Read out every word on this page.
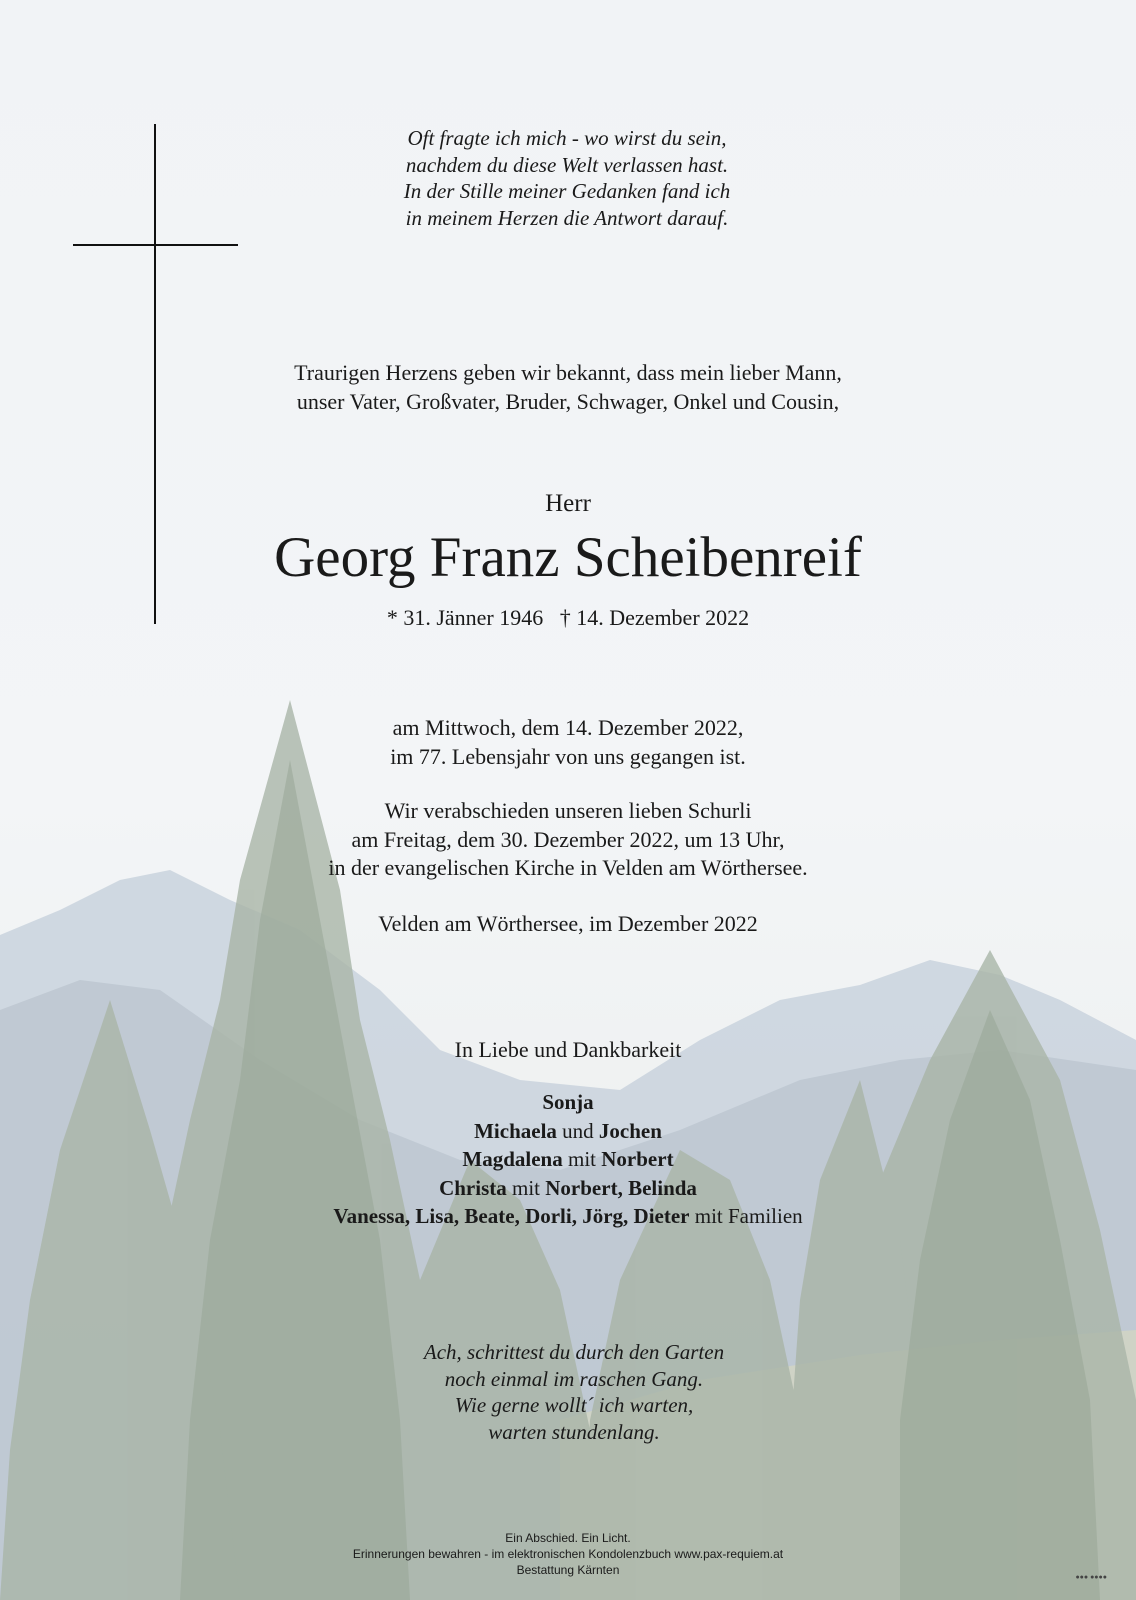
Oft fragte ich mich - wo wirst du sein,
nachdem du diese Welt verlassen hast.
In der Stille meiner Gedanken fand ich
in meinem Herzen die Antwort darauf.
Traurigen Herzens geben wir bekannt, dass mein lieber Mann,
unser Vater, Großvater, Bruder, Schwager, Onkel und Cousin,
Herr
Georg Franz Scheibenreif
* 31. Jänner 1946   † 14. Dezember 2022
am Mittwoch, dem 14. Dezember 2022,
im 77. Lebensjahr von uns gegangen ist.
Wir verabschieden unseren lieben Schurli
am Freitag, dem 30. Dezember 2022, um 13 Uhr,
in der evangelischen Kirche in Velden am Wörthersee.
Velden am Wörthersee, im Dezember 2022
In Liebe und Dankbarkeit
Sonja
Michaela und Jochen
Magdalena mit Norbert
Christa mit Norbert, Belinda
Vanessa, Lisa, Beate, Dorli, Jörg, Dieter mit Familien
Ach, schrittest du durch den Garten
noch einmal im raschen Gang.
Wie gerne wollt´ ich warten,
warten stundenlang.
Ein Abschied. Ein Licht.
Erinnerungen bewahren - im elektronischen Kondolenzbuch www.pax-requiem.at
Bestattung Kärnten
●●● ●●●●
